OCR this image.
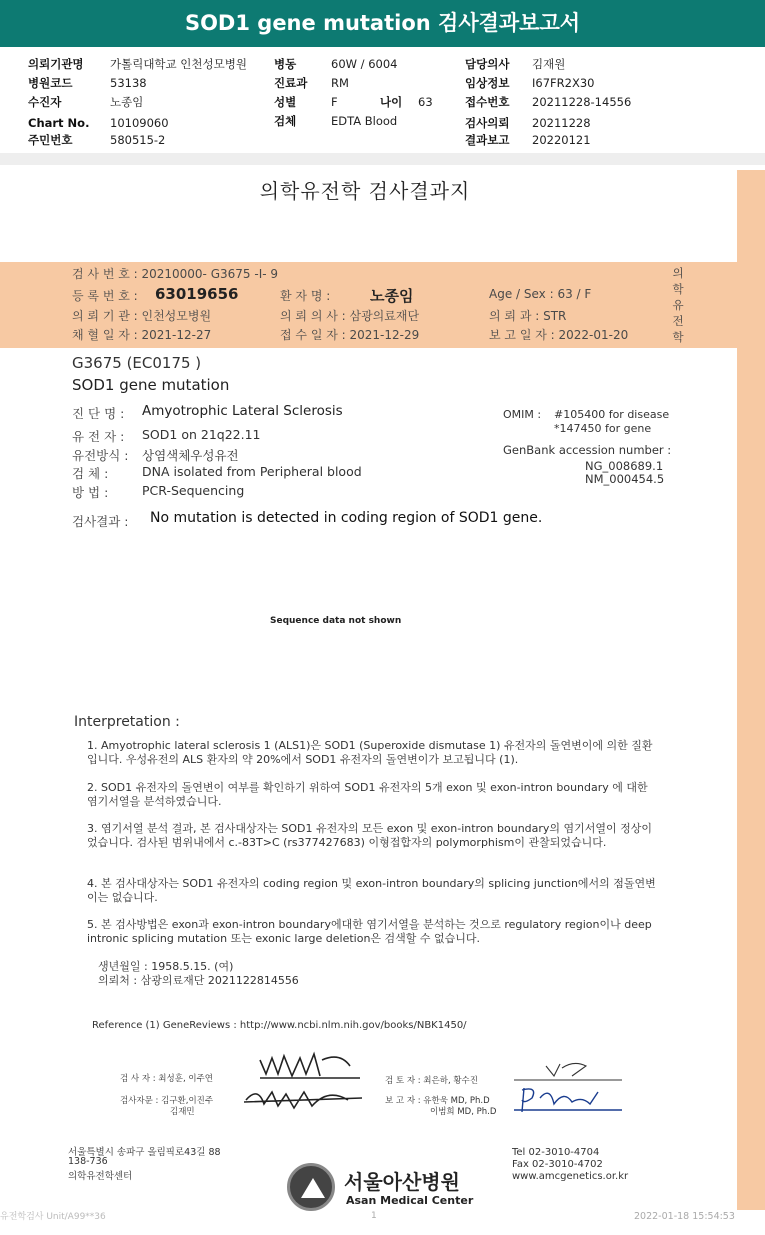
SOD1 gene mutation 검사결과보고서
의뢰기관명 가톨릭대학교 인천성모병원
병원코드	53138
수진자	노종임
Chart No. 10109060
주민번호	580515-2
병동	60W / 6004
진료과 RM
성별	F	나이 63
검체	EDTA Blood
담당의사 김재원
임상정보 I67FR2X30
접수번호 20211228-14556
검사의뢰 20211228
결과보고 20220121
의학유전학 검사결과지
검 사 번 호 : 20210000- G3675 -I- 9
등 록 번 호 : 63019656	환 자 명 :	노종임	Age / Sex : 63 / F
의 뢰 기 관 : 인천성모병원	의 뢰 의 사 : 삼광의료재단	의 뢰 과 : STR
채 혈 일 자 : 2021-12-27	접 수 일 자 : 2021-12-29	보 고 일 자 : 2022-01-20
의
학
유
전
학
G3675 (EC0175 )
SOD1 gene mutation
진 단 명 : Amyotrophic Lateral Sclerosis
유 전 자 : SOD1 on 21q22.11
유전방식 : 상염색체우성유전
검 체 :	DNA isolated from Peripheral blood
방 법 :	PCR-Sequencing
OMIM : #105400 for disease
*147450 for gene
GenBank accession number :
NG_008689.1
NM_000454.5
검사결과 : No mutation is detected in coding region of SOD1 gene.
Sequence data not shown
Interpretation :
1. Amyotrophic lateral sclerosis 1 (ALS1)은 SOD1 (Superoxide dismutase 1) 유전자의 돌연변이에 의한 질환입니다. 우성유전의 ALS 환자의 약 20%에서 SOD1 유전자의 돌연변이가 보고됩니다 (1).
2. SOD1 유전자의 돌연변이 여부를 확인하기 위하여 SOD1 유전자의 5개 exon 및 exon-intron boundary 에 대한 염기서열을 분석하였습니다.
3. 염기서열 분석 결과, 본 검사대상자는 SOD1 유전자의 모든 exon 및 exon-intron boundary의 염기서열이 정상이었습니다. 검사된 범위내에서 c.-83T>C (rs377427683) 이형접합자의 polymorphism이 관찰되었습니다.
4. 본 검사대상자는 SOD1 유전자의 coding region 및 exon-intron boundary의 splicing junction에서의 점돌연변이는 없습니다.
5. 본 검사방법은 exon과 exon-intron boundary에대한 염기서열을 분석하는 것으로 regulatory region이나 deep intronic splicing mutation 또는 exonic large deletion은 검색할 수 없습니다.
생년월일 : 1958.5.15. (여)
의뢰처 : 삼광의료재단 2021122814556
Reference (1) GeneReviews : http://www.ncbi.nlm.nih.gov/books/NBK1450/
검 사 자 : 최성훈, 이주연	검 토 자 : 최은하, 황수진
검사자문 : 김구환,이진주
김재민
보 고 자 : 유한욱 MD, Ph.D
이범희 MD, Ph.D
서울특별시 송파구 올림픽로43길 88
138-736
의학유전학센터	서울아산병원
Asan Medical Center
Tel 02-3010-4704
Fax 02-3010-4702
www.amcgenetics.or.kr
유전학검사 Unit/A99**36	1	2022-01-18 15:54:53
